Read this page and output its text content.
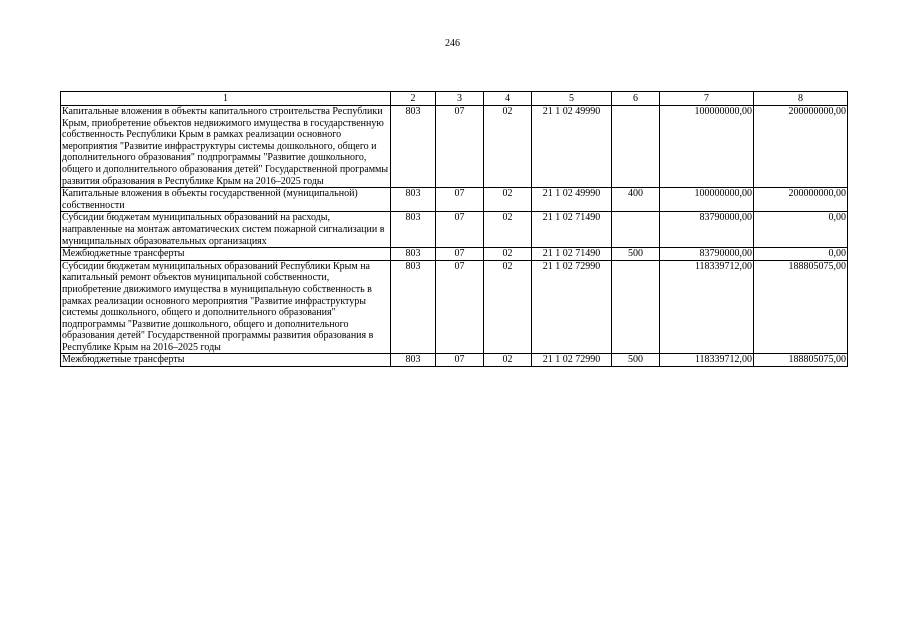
246
1	2	3	4	5	6	7	8
Капитальные вложения в объекты капитального строительства Республики Крым, приобретение объектов недвижимого имущества в государственную собственность Республики Крым в рамках реализации основного мероприятия "Развитие инфраструктуры системы дошкольного, общего и дополнительного образования" подпрограммы "Развитие дошкольного, общего и дополнительного образования детей" Государственной программы развития образования в Республике Крым на 2016–2025 годы	803	07	02	21 1 02 49990		100000000,00	200000000,00
Капитальные вложения в объекты государственной (муниципальной) собственности	803	07	02	21 1 02 49990	400	100000000,00	200000000,00
Субсидии бюджетам муниципальных образований на расходы, направленные на монтаж автоматических систем пожарной сигнализации в муниципальных образовательных организациях	803	07	02	21 1 02 71490		83790000,00	0,00
Межбюджетные трансферты	803	07	02	21 1 02 71490	500	83790000,00	0,00
Субсидии бюджетам муниципальных образований Республики Крым на капитальный ремонт объектов муниципальной собственности, приобретение движимого имущества в муниципальную собственность в рамках реализации основного мероприятия "Развитие инфраструктуры системы дошкольного, общего и дополнительного образования" подпрограммы "Развитие дошкольного, общего и дополнительного образования детей" Государственной программы развития образования в Республике Крым на 2016–2025 годы	803	07	02	21 1 02 72990		118339712,00	188805075,00
Межбюджетные трансферты	803	07	02	21 1 02 72990	500	118339712,00	188805075,00
